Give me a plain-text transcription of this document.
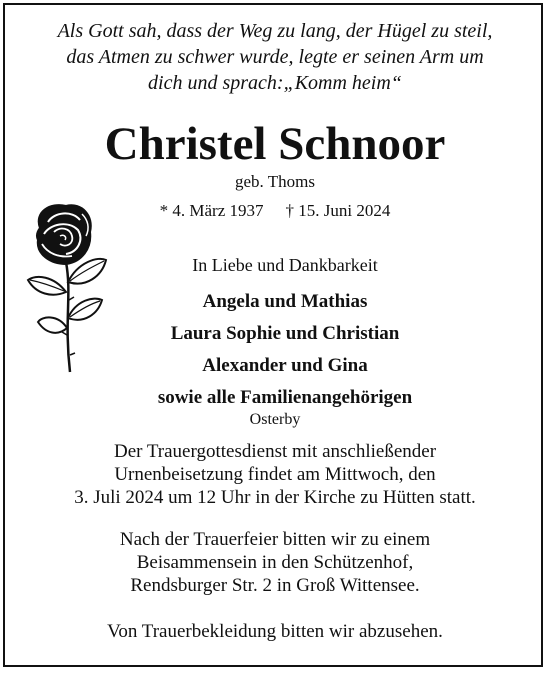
Als Gott sah, dass der Weg zu lang, der Hügel zu steil,
das Atmen zu schwer wurde, legte er seinen Arm um
dich und sprach:„Komm heim“
Christel Schnoor
geb. Thoms
* 4. März 1937 † 15. Juni 2024
In Liebe und Dankbarkeit
Angela und Mathias
Laura Sophie und Christian
Alexander und Gina
sowie alle Familienangehörigen
Osterby
Der Trauergottesdienst mit anschließender
Urnenbeisetzung findet am Mittwoch, den
3. Juli 2024 um 12 Uhr in der Kirche zu Hütten statt.
Nach der Trauerfeier bitten wir zu einem
Beisammensein in den Schützenhof,
Rendsburger Str. 2 in Groß Wittensee.
Von Trauerbekleidung bitten wir abzusehen.
